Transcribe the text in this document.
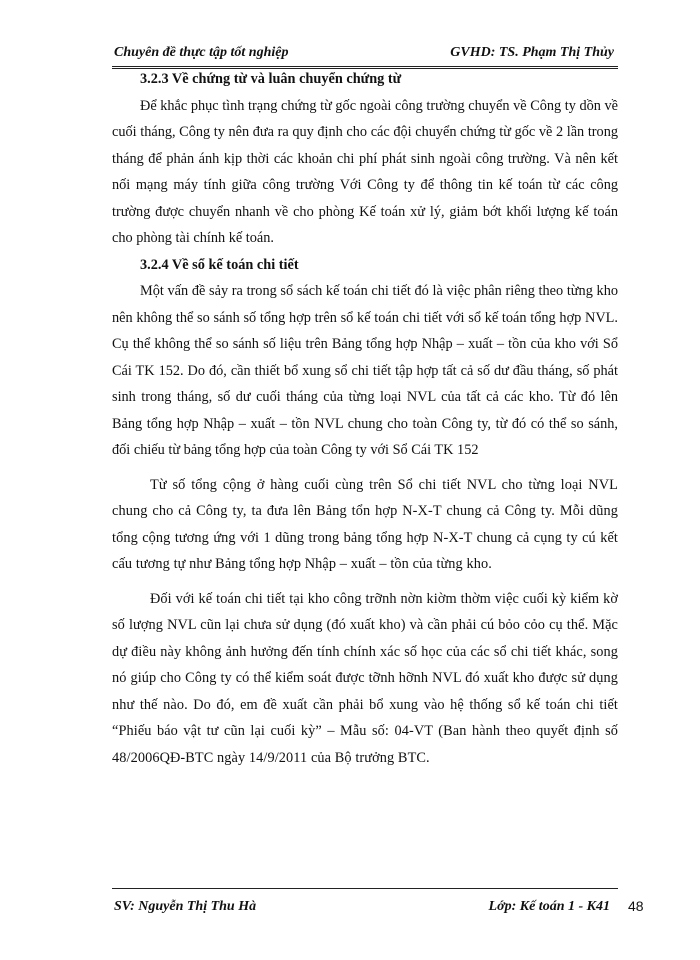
Chuyên đề thực tập tốt nghiệp	GVHD: TS. Phạm Thị Thủy
3.2.3 Về chứng từ và luân chuyển chứng từ

Để khắc phục tình trạng chứng từ gốc ngoài công trường chuyển về Công ty dồn về cuối tháng, Công ty nên đưa ra quy định cho các đội chuyển chứng từ gốc về 2 lần trong tháng để phản ánh kịp thời các khoản chi phí phát sinh ngoài công trường. Và nên kết nối mạng máy tính giữa công trường Với Công ty để thông tin kế toán từ các công trường được chuyển nhanh về cho phòng Kế toán xử lý, giảm bớt khối lượng kế toán cho phòng tài chính kế toán.

3.2.4 Về sổ kế toán chi tiết

Một vấn đề sảy ra trong sổ sách kế toán chi tiết đó là việc phân riêng theo từng kho nên không thể so sánh số tổng hợp trên sổ kế toán chi tiết với sổ kế toán tổng hợp NVL. Cụ thể không thể so sánh số liệu trên Bảng tổng hợp Nhập – xuất – tồn của kho với Sổ Cái TK 152. Do đó, cần thiết bổ xung sổ chi tiết tập hợp tất cả số dư đầu tháng, số phát sinh trong tháng, số dư cuối tháng của từng loại NVL của tất cả các kho. Từ đó lên Bảng tổng hợp Nhập – xuất – tồn NVL chung cho toàn Công ty, từ đó có thể so sánh, đối chiếu từ bảng tổng hợp của toàn Công ty với Sổ Cái TK 152

Từ số tổng cộng ở hàng cuối cùng trên Sổ chi tiết NVL cho từng loại NVL chung cho cả Công ty, ta đưa lên Bảng tổn hợp N-X-T chung cả Công ty. Mỗi dũng tổng cộng tương ứng với 1 dũng trong bảng tổng hợp N-X-T chung cả cụng ty cú kết cấu tương tự như Bảng tổng hợp Nhập – xuất – tồn của từng kho.

Đối với kế toán chi tiết tại kho công trỡnh nờn kiờm thờm việc cuối kỳ kiểm kờ số lượng NVL cũn lại chưa sử dụng (đó xuất kho) và cần phải cú bỏo cỏo cụ thể. Mặc dự điều này không ảnh hưởng đến tính chính xác số học của các sổ chi tiết khác, song nó giúp cho Công ty có thể kiểm soát được tỡnh hỡnh NVL đó xuất kho được sử dụng như thế nào. Do đó, em đề xuất cần phải bổ xung vào hệ thống sổ kế toán chi tiết “Phiếu báo vật tư cũn lại cuối kỳ” – Mẫu số: 04-VT (Ban hành theo quyết định số 48/2006QĐ-BTC ngày 14/9/2011 của Bộ trưởng BTC.

SV: Nguyễn Thị Thu Hà	Lớp: Kế toán 1 - K41 48
